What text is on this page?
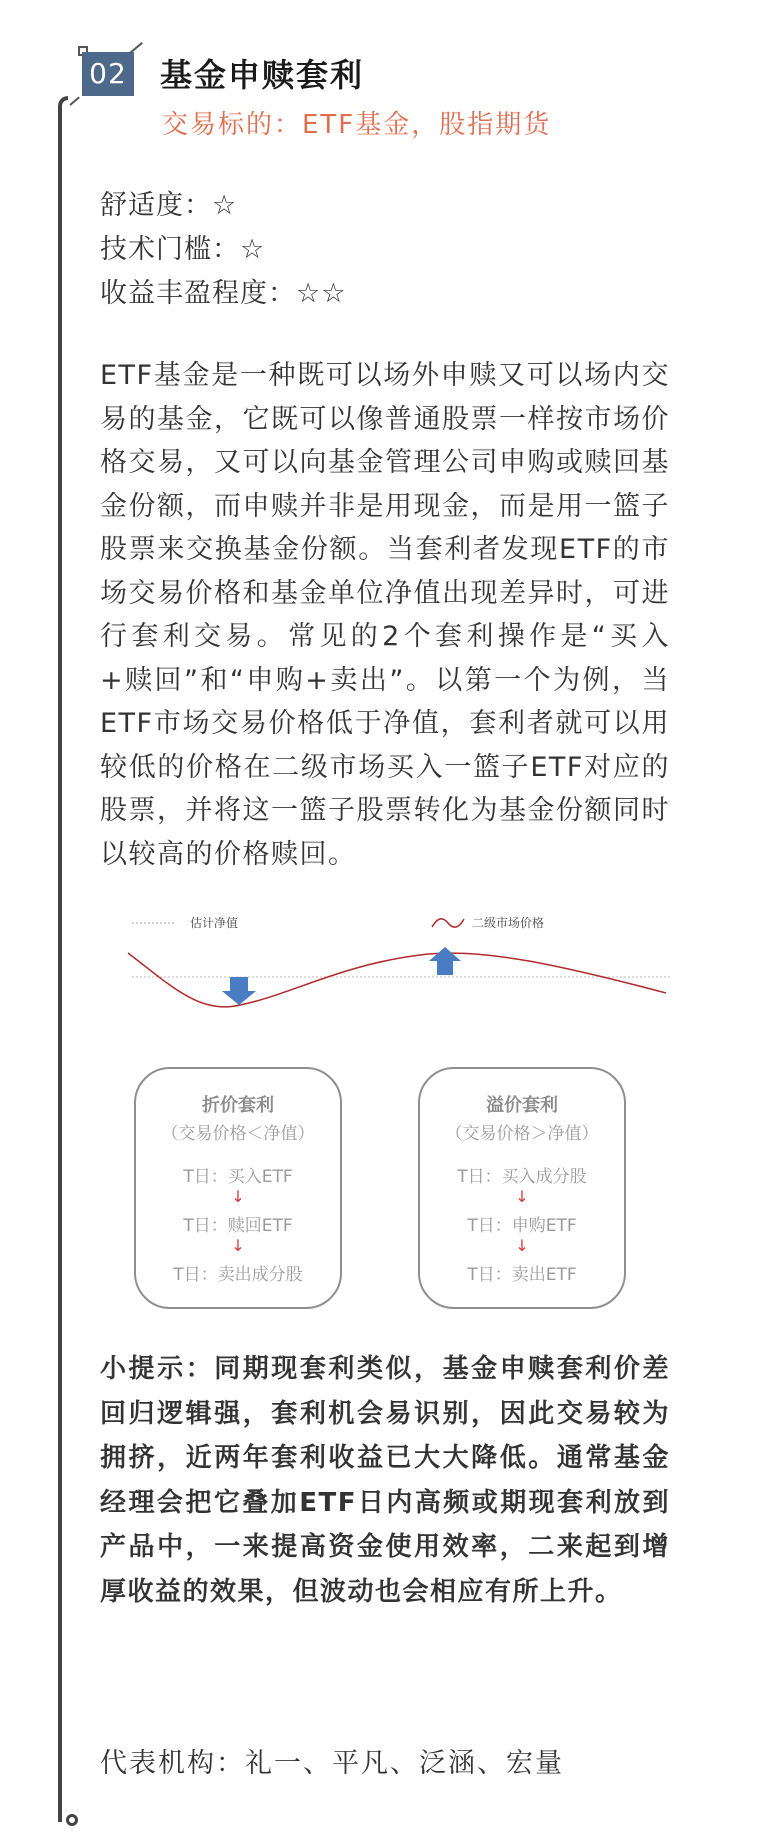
02 基金申赎套利
交易标的：ETF基金，股指期货
舒适度：☆
技术门槛：☆
收益丰盈程度：☆☆
ETF基金是一种既可以场外申赎又可以场内交易的基金，它既可以像普通股票一样按市场价格交易，又可以向基金管理公司申购或赎回基金份额，而申赎并非是用现金，而是用一篮子股票来交换基金份额。当套利者发现ETF的市场交易价格和基金单位净值出现差异时，可进行套利交易。常见的2个套利操作是“买入+赎回”和“申购+卖出”。以第一个为例，当ETF市场交易价格低于净值，套利者就可以用较低的价格在二级市场买入一篮子ETF对应的股票，并将这一篮子股票转化为基金份额同时以较高的价格赎回。
估计净值	二级市场价格
折价套利
（交易价格＜净值）
T日：买入ETF
↓
T日：赎回ETF
↓
T日：卖出成分股
溢价套利
（交易价格＞净值）
T日：买入成分股
↓
T日：申购ETF
↓
T日：卖出ETF
小提示：同期现套利类似，基金申赎套利价差回归逻辑强，套利机会易识别，因此交易较为拥挤，近两年套利收益已大大降低。通常基金经理会把它叠加ETF日内高频或期现套利放到产品中，一来提高资金使用效率，二来起到增厚收益的效果，但波动也会相应有所上升。
代表机构：礼一、平凡、泛涵、宏量
